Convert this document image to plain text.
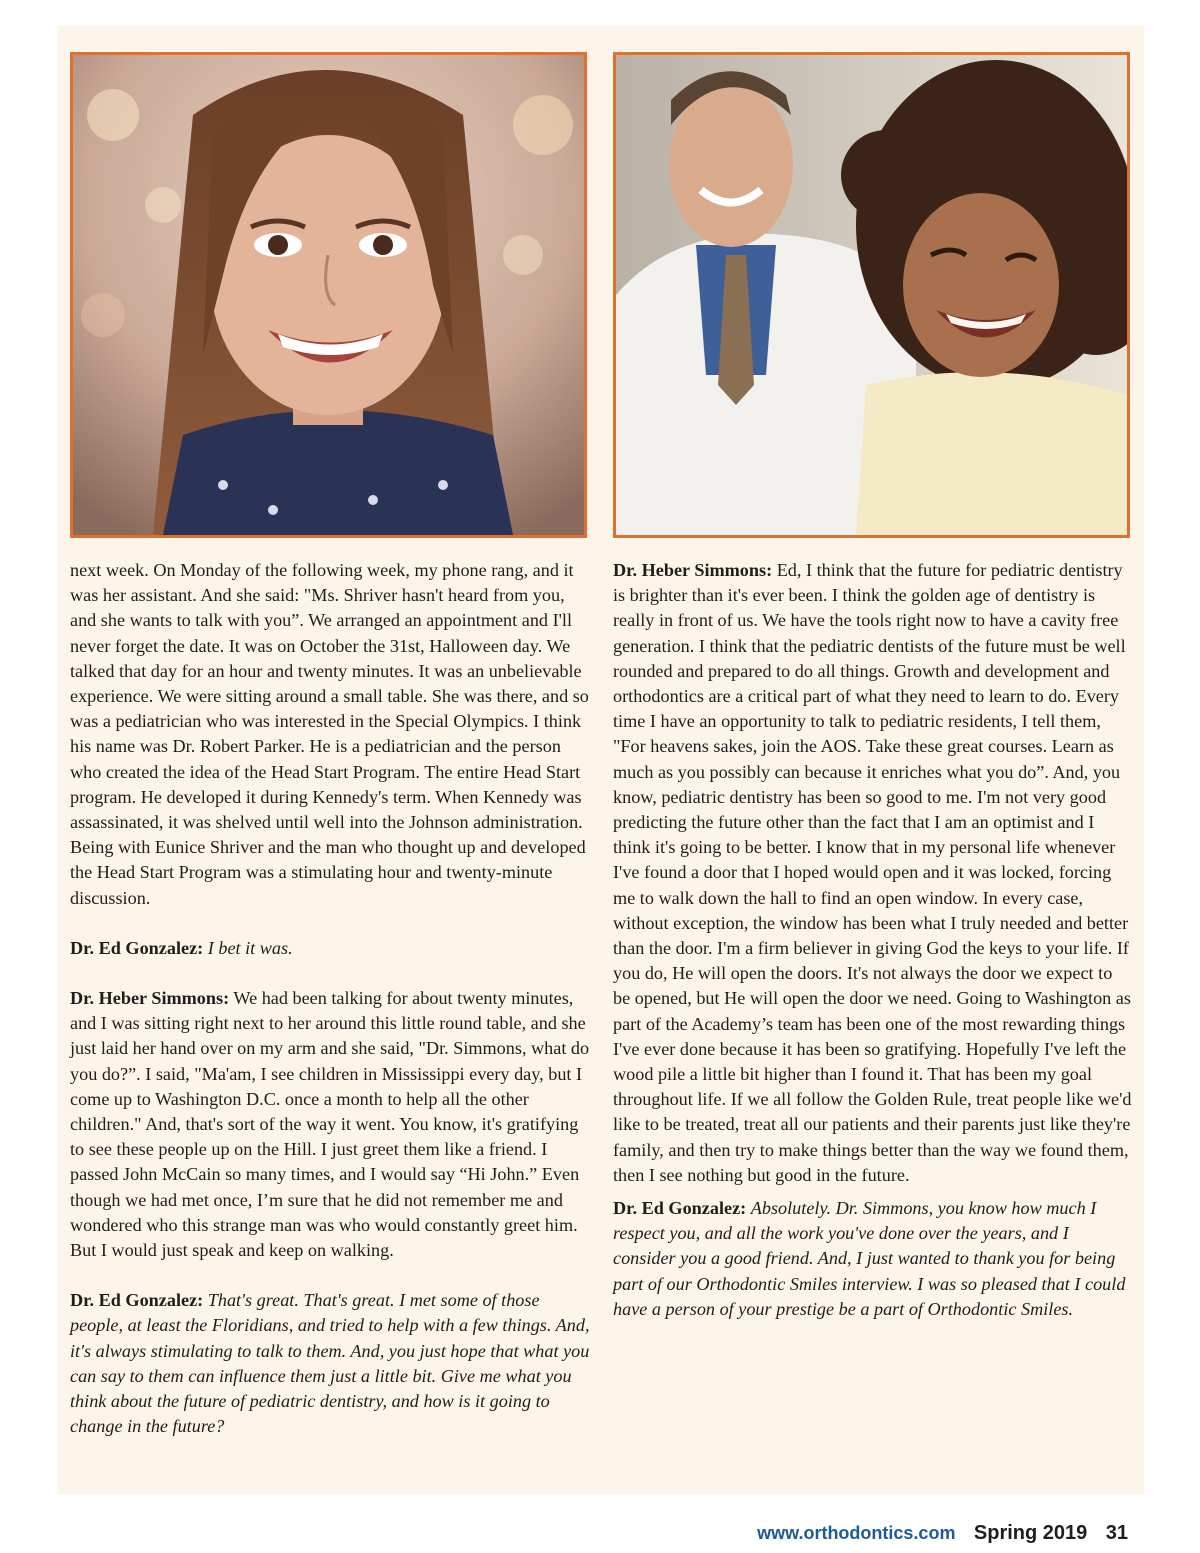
next week. On Monday of the following week, my phone rang, and it was her assistant. And she said: "Ms. Shriver hasn't heard from you, and she wants to talk with you”. We arranged an appointment and I'll never forget the date. It was on October the 31st, Halloween day. We talked that day for an hour and twenty minutes. It was an unbelievable experience. We were sitting around a small table. She was there, and so was a pediatrician who was interested in the Special Olympics. I think his name was Dr. Robert Parker. He is a pediatrician and the person who created the idea of the Head Start Program. The entire Head Start program. He developed it during Kennedy's term. When Kennedy was assassinated, it was shelved until well into the Johnson administration. Being with Eunice Shriver and the man who thought up and developed the Head Start Program was a stimulating hour and twenty-minute discussion.

Dr. Ed Gonzalez: I bet it was.

Dr. Heber Simmons: We had been talking for about twenty minutes, and I was sitting right next to her around this little round table, and she just laid her hand over on my arm and she said, "Dr. Simmons, what do you do?”. I said, "Ma'am, I see children in Mississippi every day, but I come up to Washington D.C. once a month to help all the other children." And, that's sort of the way it went. You know, it's gratifying to see these people up on the Hill. I just greet them like a friend. I passed John McCain so many times, and I would say “Hi John.” Even though we had met once, I’m sure that he did not remember me and wondered who this strange man was who would constantly greet him. But I would just speak and keep on walking.

Dr. Ed Gonzalez: That's great. That's great. I met some of those people, at least the Floridians, and tried to help with a few things. And, it's always stimulating to talk to them. And, you just hope that what you can say to them can influence them just a little bit. Give me what you think about the future of pediatric dentistry, and how is it going to change in the future?

Dr. Heber Simmons: Ed, I think that the future for pediatric dentistry is brighter than it's ever been. I think the golden age of dentistry is really in front of us. We have the tools right now to have a cavity free generation. I think that the pediatric dentists of the future must be well rounded and prepared to do all things. Growth and development and orthodontics are a critical part of what they need to learn to do. Every time I have an opportunity to talk to pediatric residents, I tell them, "For heavens sakes, join the AOS. Take these great courses. Learn as much as you possibly can because it enriches what you do”. And, you know, pediatric dentistry has been so good to me. I'm not very good predicting the future other than the fact that I am an optimist and I think it's going to be better. I know that in my personal life whenever I've found a door that I hoped would open and it was locked, forcing me to walk down the hall to find an open window. In every case, without exception, the window has been what I truly needed and better than the door. I'm a firm believer in giving God the keys to your life. If you do, He will open the doors. It's not always the door we expect to be opened, but He will open the door we need. Going to Washington as part of the Academy’s team has been one of the most rewarding things I've ever done because it has been so gratifying. Hopefully I've left the wood pile a little bit higher than I found it. That has been my goal throughout life. If we all follow the Golden Rule, treat people like we'd like to be treated, treat all our patients and their parents just like they're family, and then try to make things better than the way we found them, then I see nothing but good in the future.

Dr. Ed Gonzalez: Absolutely. Dr. Simmons, you know how much I respect you, and all the work you've done over the years, and I consider you a good friend. And, I just wanted to thank you for being part of our Orthodontic Smiles interview. I was so pleased that I could have a person of your prestige be a part of Orthodontic Smiles.

www.orthodontics.com Spring 2019 31
